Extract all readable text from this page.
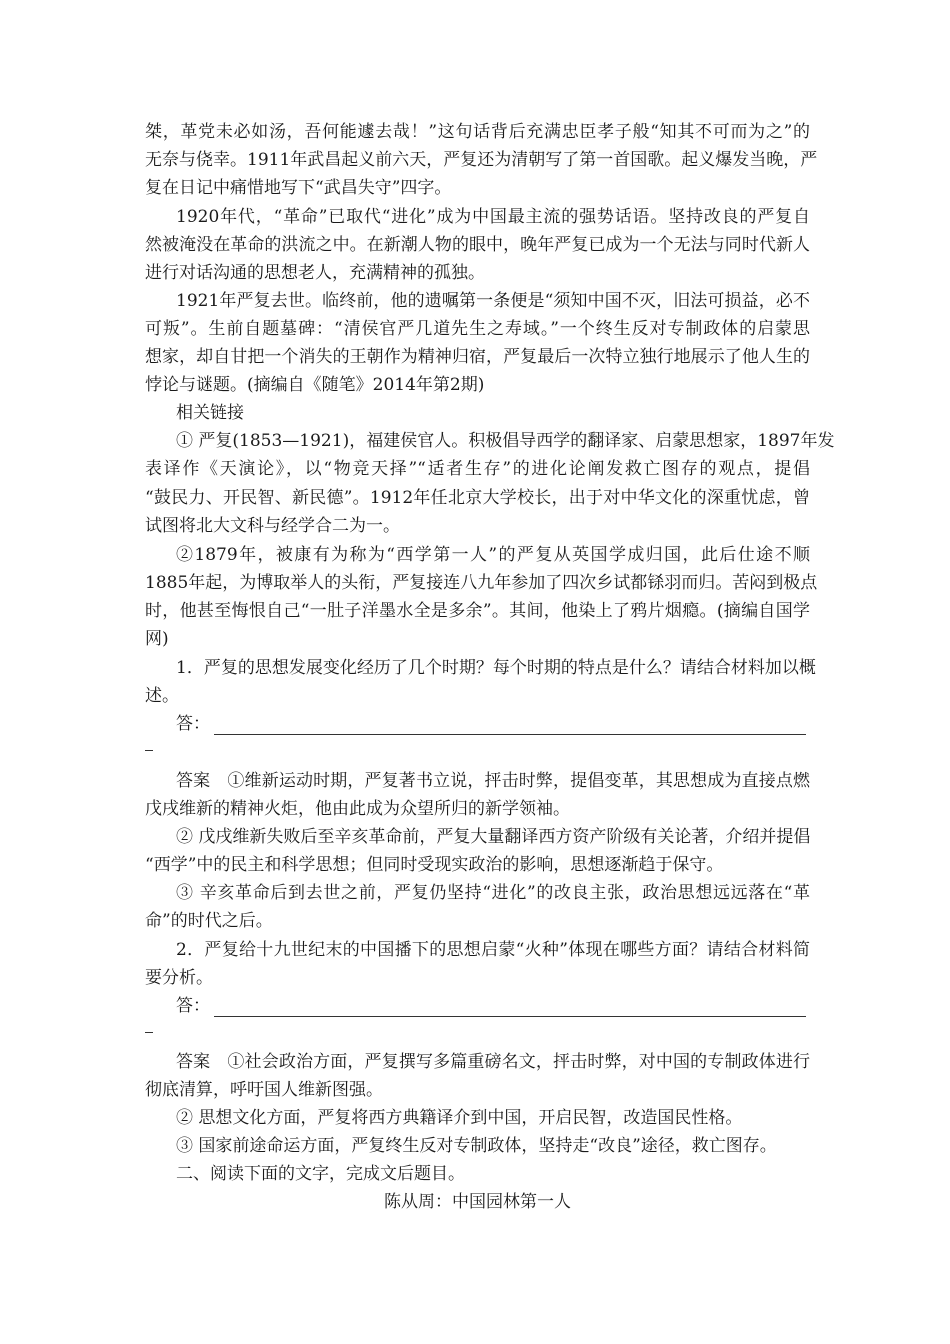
桀，革党未必如汤，吾何能遽去哉！”这句话背后充满忠臣孝子般“知其不可而为之”的
无奈与侥幸。1911年武昌起义前六天，严复还为清朝写了第一首国歌。起义爆发当晚，严
复在日记中痛惜地写下“武昌失守”四字。
1920年代，“革命”已取代“进化”成为中国最主流的强势话语。坚持改良的严复自
然被淹没在革命的洪流之中。在新潮人物的眼中，晚年严复已成为一个无法与同时代新人
进行对话沟通的思想老人，充满精神的孤独。
1921年严复去世。临终前，他的遗嘱第一条便是“须知中国不灭，旧法可损益，必不
可叛”。生前自题墓碑：“清侯官严几道先生之寿域。”一个终生反对专制政体的启蒙思
想家，却自甘把一个消失的王朝作为精神归宿，严复最后一次特立独行地展示了他人生的
悖论与谜题。(摘编自《随笔》2014年第2期)
相关链接
① 严复(1853—1921)，福建侯官人。积极倡导西学的翻译家、启蒙思想家，1897年发
表译作《天演论》，以“物竞天择”“适者生存”的进化论阐发救亡图存的观点，提倡
“鼓民力、开民智、新民德”。1912年任北京大学校长，出于对中华文化的深重忧虑，曾
试图将北大文科与经学合二为一。
②1879年，被康有为称为“西学第一人”的严复从英国学成归国，此后仕途不顺
1885年起，为博取举人的头衔，严复接连八九年参加了四次乡试都铩羽而归。苦闷到极点
时，他甚至悔恨自己“一肚子洋墨水全是多余”。其间，他染上了鸦片烟瘾。(摘编自国学
网)
1．严复的思想发展变化经历了几个时期？每个时期的特点是什么？请结合材料加以概
述。
答：
答案　①维新运动时期，严复著书立说，抨击时弊，提倡变革，其思想成为直接点燃
戊戌维新的精神火炬，他由此成为众望所归的新学领袖。
② 戊戌维新失败后至辛亥革命前，严复大量翻译西方资产阶级有关论著，介绍并提倡
“西学”中的民主和科学思想；但同时受现实政治的影响，思想逐渐趋于保守。
③ 辛亥革命后到去世之前，严复仍坚持“进化”的改良主张，政治思想远远落在“革
命”的时代之后。
2．严复给十九世纪末的中国播下的思想启蒙“火种”体现在哪些方面？请结合材料简
要分析。
答：
答案　①社会政治方面，严复撰写多篇重磅名文，抨击时弊，对中国的专制政体进行
彻底清算，呼吁国人维新图强。
② 思想文化方面，严复将西方典籍译介到中国，开启民智，改造国民性格。
③ 国家前途命运方面，严复终生反对专制政体，坚持走“改良”途径，救亡图存。
二、阅读下面的文字，完成文后题目。
陈从周：中国园林第一人
